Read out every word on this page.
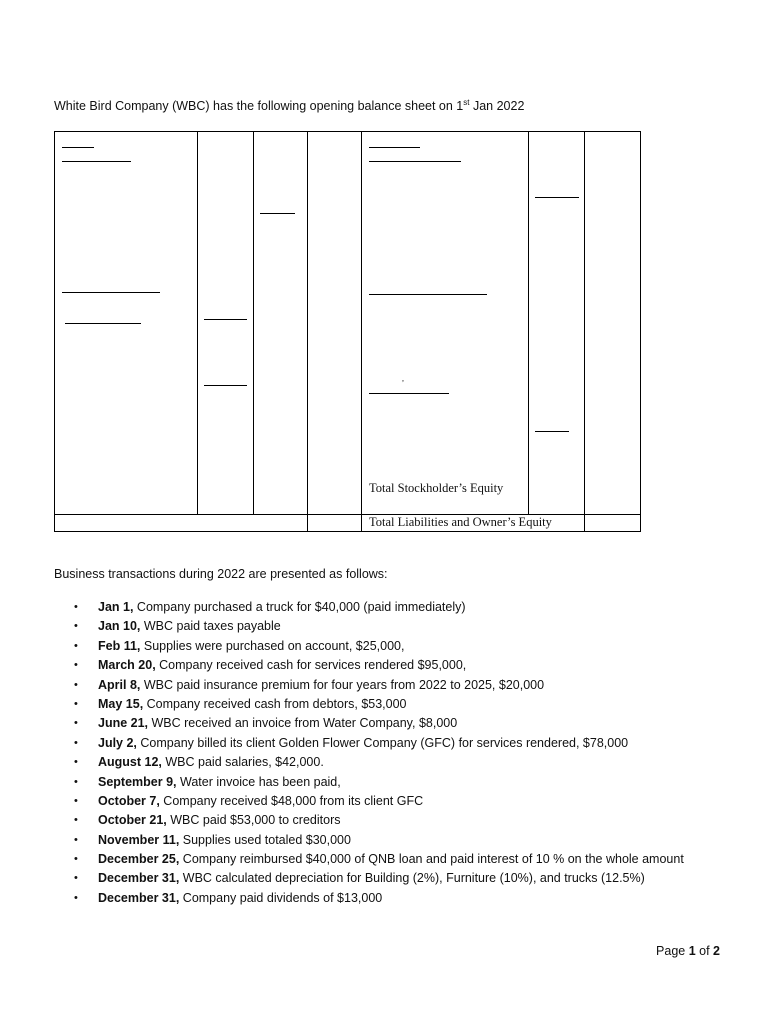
White Bird Company (WBC) has the following opening balance sheet on 1st Jan 2022
,
Total Stockholder’s Equity
Total Liabilities and Owner’s Equity
Business transactions during 2022 are presented as follows:
• Jan 1, Company purchased a truck for $40,000 (paid immediately)
• Jan 10, WBC paid taxes payable
• Feb 11, Supplies were purchased on account, $25,000,
• March 20, Company received cash for services rendered $95,000,
• April 8, WBC paid insurance premium for four years from 2022 to 2025, $20,000
• May 15, Company received cash from debtors, $53,000
• June 21, WBC received an invoice from Water Company, $8,000
• July 2, Company billed its client Golden Flower Company (GFC) for services rendered, $78,000
• August 12, WBC paid salaries, $42,000.
• September 9, Water invoice has been paid,
• October 7, Company received $48,000 from its client GFC
• October 21, WBC paid $53,000 to creditors
• November 11, Supplies used totaled $30,000
• December 25, Company reimbursed $40,000 of QNB loan and paid interest of 10 % on the whole amount
• December 31, WBC calculated depreciation for Building (2%), Furniture (10%), and trucks (12.5%)
• December 31, Company paid dividends of $13,000
Page 1 of 2
